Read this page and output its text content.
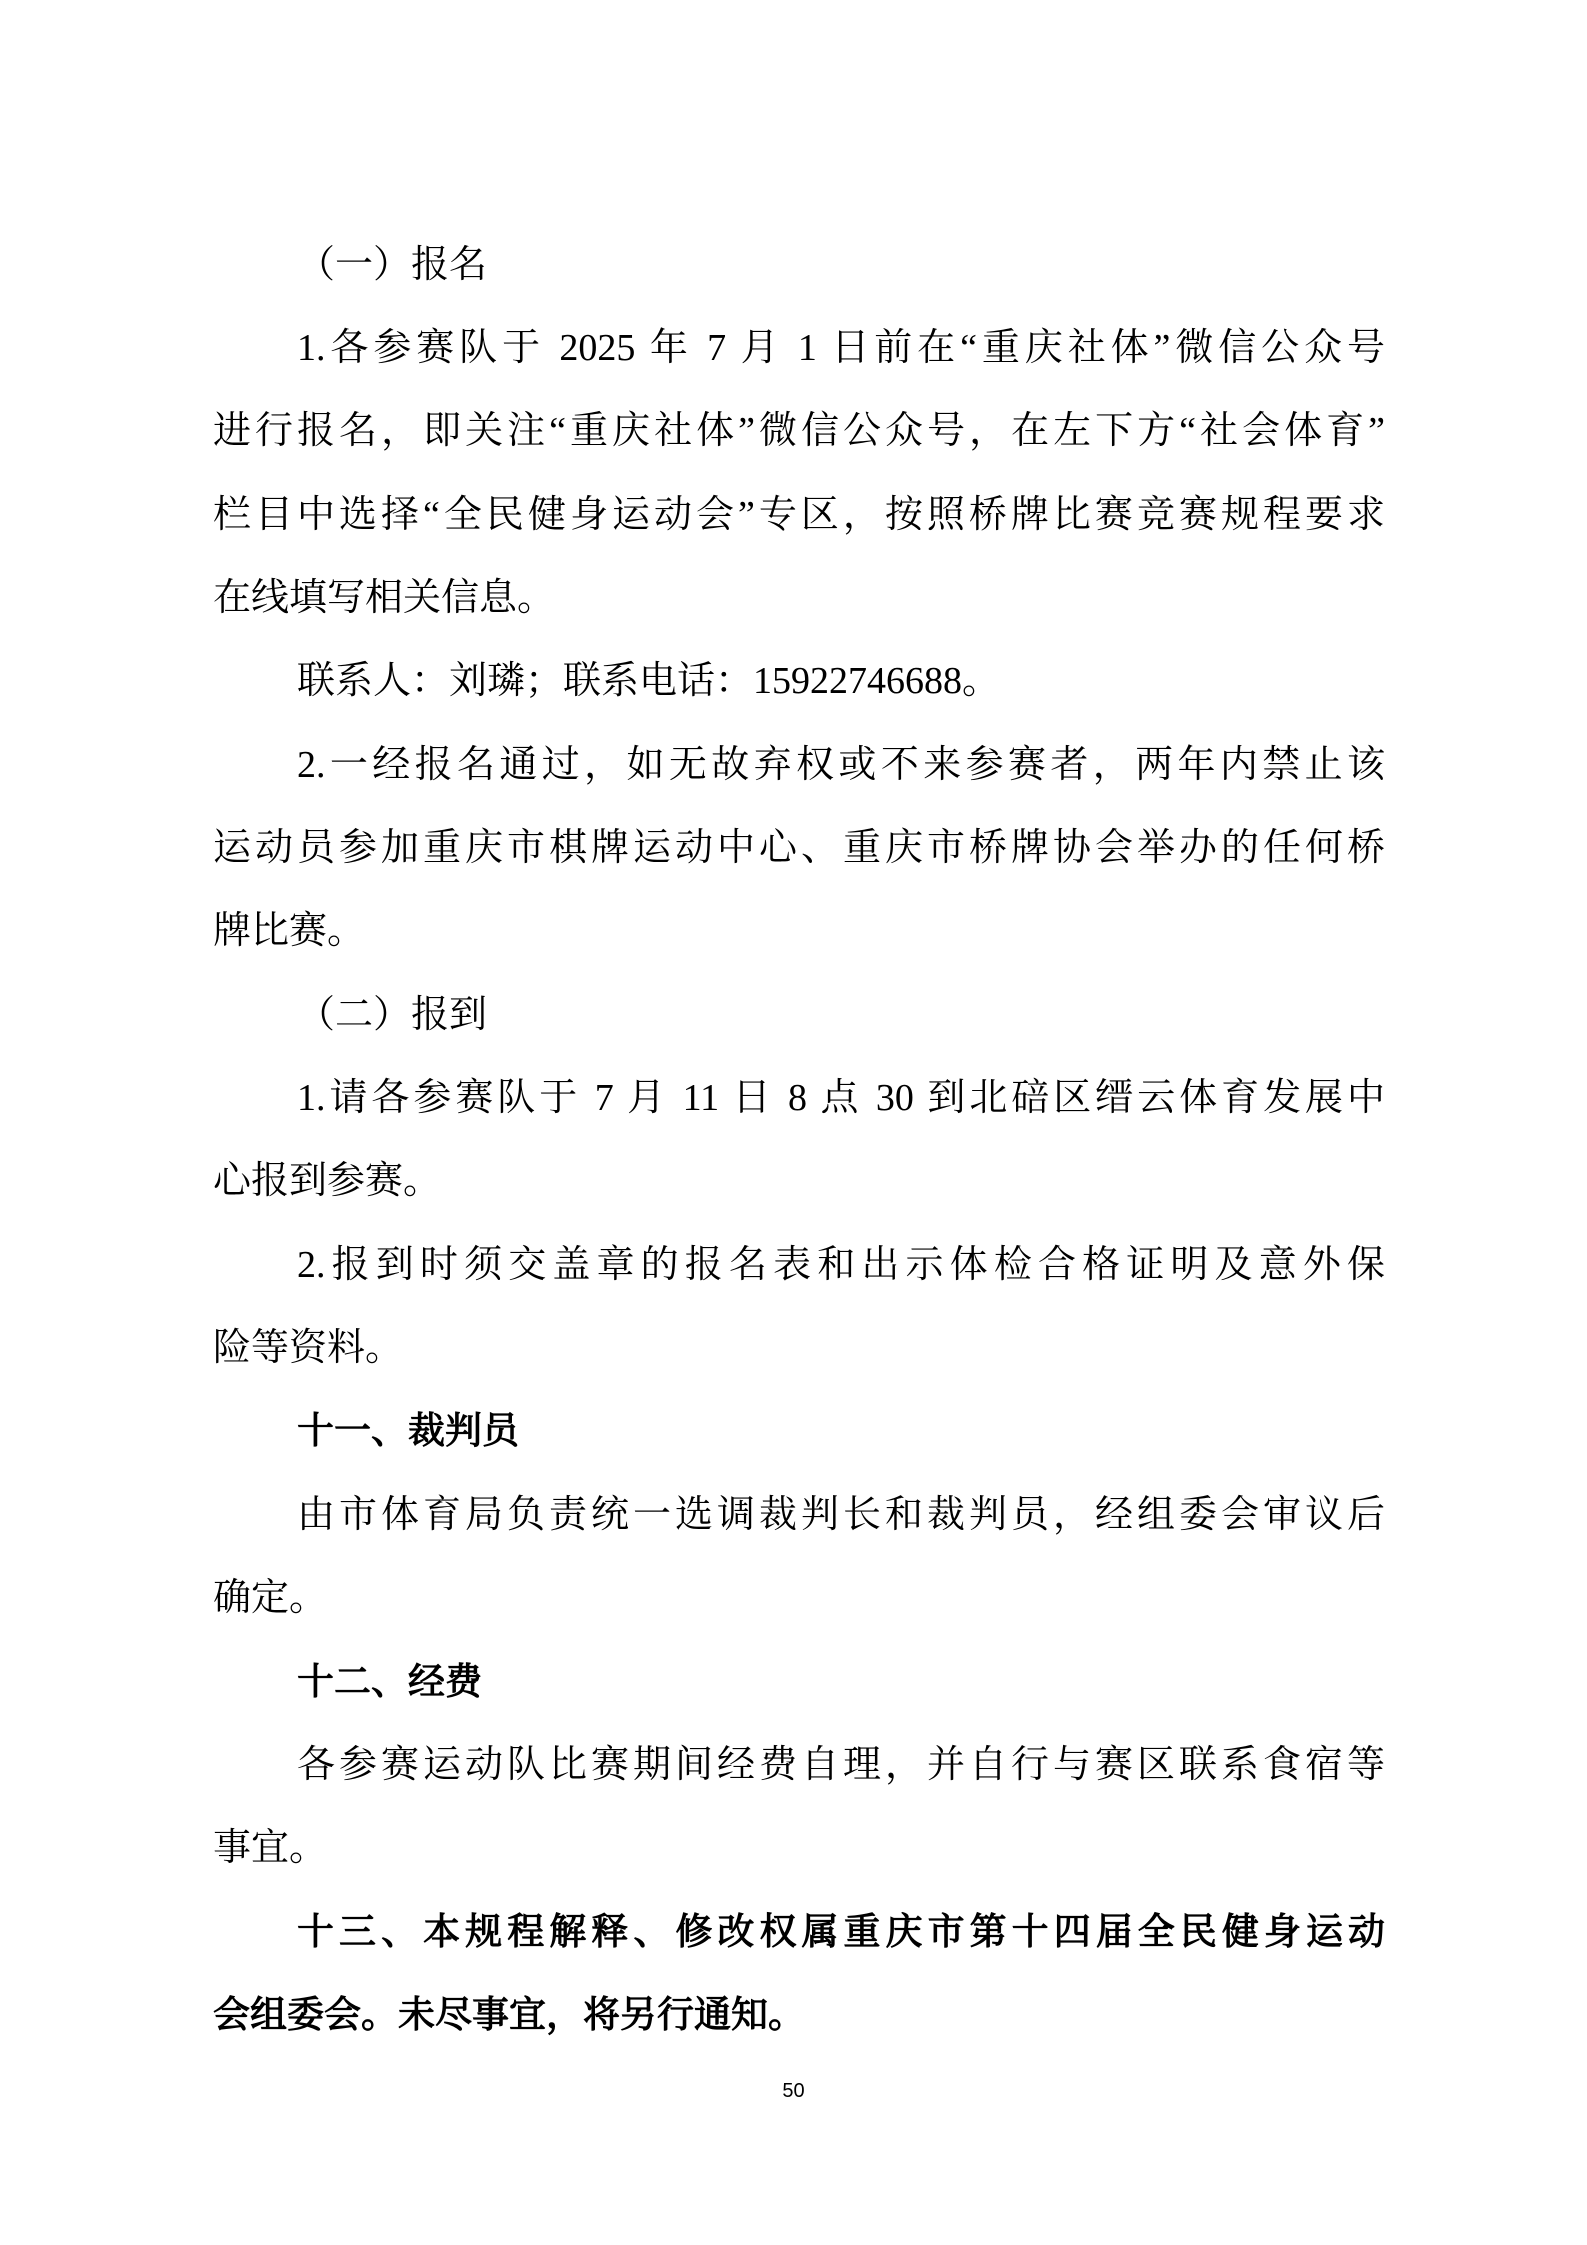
（一）报名
1.各参赛队于 2025 年 7 月 1 日前在“重庆社体”微信公众号
进行报名，即关注“重庆社体”微信公众号，在左下方“社会体育”
栏目中选择“全民健身运动会”专区，按照桥牌比赛竞赛规程要求
在线填写相关信息。
联系人：刘璘；联系电话：15922746688。
2.一经报名通过，如无故弃权或不来参赛者，两年内禁止该
运动员参加重庆市棋牌运动中心、重庆市桥牌协会举办的任何桥
牌比赛。
（二）报到
1.请各参赛队于 7 月 11 日 8 点 30 到北碚区缙云体育发展中
心报到参赛。
2.报到时须交盖章的报名表和出示体检合格证明及意外保
险等资料。
十一、裁判员
由市体育局负责统一选调裁判长和裁判员，经组委会审议后
确定。
十二、经费
各参赛运动队比赛期间经费自理，并自行与赛区联系食宿等
事宜。
十三、本规程解释、修改权属重庆市第十四届全民健身运动
会组委会。未尽事宜，将另行通知。
50
